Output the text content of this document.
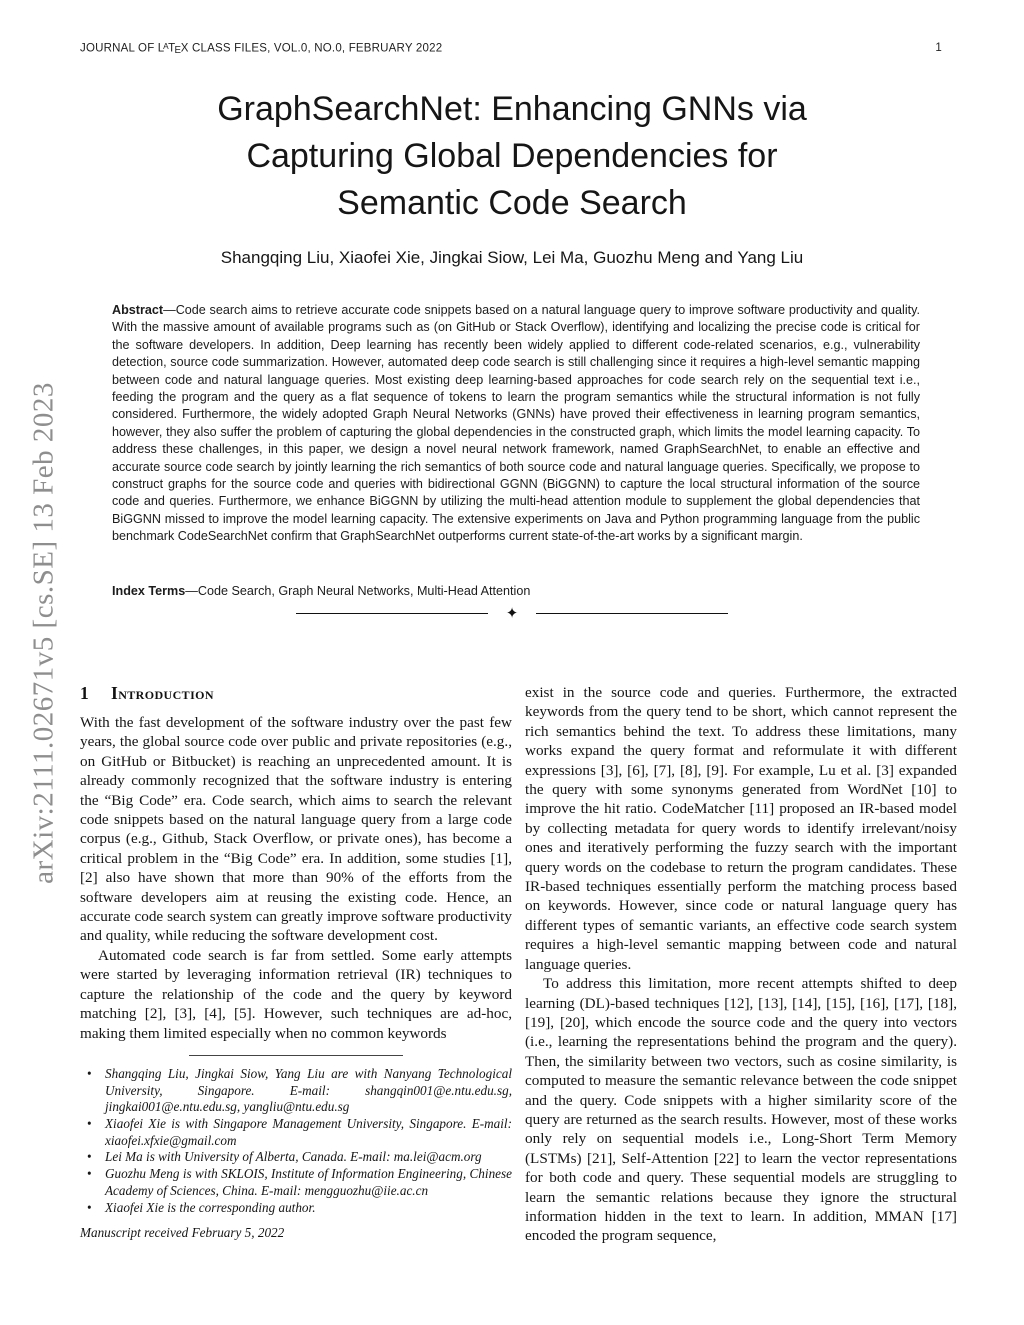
JOURNAL OF $L^ATEX$ CLASS FILES, VOL.0, NO.0, FEBRUARY 2022	1
GraphSearchNet: Enhancing GNNs via
Capturing Global Dependencies for
Semantic Code Search
Shangqing Liu, Xiaofei Xie, Jingkai Siow, Lei Ma, Guozhu Meng and Yang Liu
Abstract—Code search aims to retrieve accurate code snippets based on a natural language query to improve software productivity and quality. With the massive amount of available programs such as (on GitHub or Stack Overflow), identifying and localizing the precise code is critical for the software developers. In addition, Deep learning has recently been widely applied to different code-related scenarios, e.g., vulnerability detection, source code summarization. However, automated deep code search is still challenging since it requires a high-level semantic mapping between code and natural language queries. Most existing deep learning-based approaches for code search rely on the sequential text i.e., feeding the program and the query as a flat sequence of tokens to learn the program semantics while the structural information is not fully considered. Furthermore, the widely adopted Graph Neural Networks (GNNs) have proved their effectiveness in learning program semantics, however, they also suffer the problem of capturing the global dependencies in the constructed graph, which limits the model learning capacity. To address these challenges, in this paper, we design a novel neural network framework, named GraphSearchNet, to enable an effective and accurate source code search by jointly learning the rich semantics of both source code and natural language queries. Specifically, we propose to construct graphs for the source code and queries with bidirectional GGNN (BiGGNN) to capture the local structural information of the source code and queries. Furthermore, we enhance BiGGNN by utilizing the multi-head attention module to supplement the global dependencies that BiGGNN missed to improve the model learning capacity. The extensive experiments on Java and Python programming language from the public benchmark CodeSearchNet confirm that GraphSearchNet outperforms current state-of-the-art works by a significant margin.
Index Terms—Code Search, Graph Neural Networks, Multi-Head Attention
✦
1 Introduction

With the fast development of the software industry over the past few years, the global source code over public and private repositories (e.g., on GitHub or Bitbucket) is reaching an unprecedented amount. It is already commonly recognized that the software industry is entering the “Big Code” era. Code search, which aims to search the relevant code snippets based on the natural language query from a large code corpus (e.g., Github, Stack Overflow, or private ones), has become a critical problem in the “Big Code” era. In addition, some studies [1], [2] also have shown that more than 90% of the efforts from the software developers aim at reusing the existing code. Hence, an accurate code search system can greatly improve software productivity and quality, while reducing the software development cost.

Automated code search is far from settled. Some early attempts were started by leveraging information retrieval (IR) techniques to capture the relationship of the code and the query by keyword matching [2], [3], [4], [5]. However, such techniques are ad-hoc, making them limited especially when no common keywords

• Shangqing Liu, Jingkai Siow, Yang Liu are with Nanyang Technological University, Singapore. E-mail: shangqin001@e.ntu.edu.sg, jingkai001@e.ntu.edu.sg, yangliu@ntu.edu.sg
• Xiaofei Xie is with Singapore Management University, Singapore. E-mail: xiaofei.xfxie@gmail.com
• Lei Ma is with University of Alberta, Canada. E-mail: ma.lei@acm.org
• Guozhu Meng is with SKLOIS, Institute of Information Engineering, Chinese Academy of Sciences, China. E-mail: mengguozhu@iie.ac.cn
• Xiaofei Xie is the corresponding author.
Manuscript received February 5, 2022

exist in the source code and queries. Furthermore, the extracted keywords from the query tend to be short, which cannot represent the rich semantics behind the text. To address these limitations, many works expand the query format and reformulate it with different expressions [3], [6], [7], [8], [9]. For example, Lu et al. [3] expanded the query with some synonyms generated from WordNet [10] to improve the hit ratio. CodeMatcher [11] proposed an IR-based model by collecting metadata for query words to identify irrelevant/noisy ones and iteratively performing the fuzzy search with the important query words on the codebase to return the program candidates. These IR-based techniques essentially perform the matching process based on keywords. However, since code or natural language query has different types of semantic variants, an effective code search system requires a high-level semantic mapping between code and natural language queries.

To address this limitation, more recent attempts shifted to deep learning (DL)-based techniques [12], [13], [14], [15], [16], [17], [18], [19], [20], which encode the source code and the query into vectors (i.e., learning the representations behind the program and the query). Then, the similarity between two vectors, such as cosine similarity, is computed to measure the semantic relevance between the code snippet and the query. Code snippets with a higher similarity score of the query are returned as the search results. However, most of these works only rely on sequential models i.e., Long-Short Term Memory (LSTMs) [21], Self-Attention [22] to learn the vector representations for both code and query. These sequential models are struggling to learn the semantic relations because they ignore the structural information hidden in the text to learn. In addition, MMAN [17] encoded the program sequence,

arXiv:2111.02671v5 [cs.SE] 13 Feb 2023
